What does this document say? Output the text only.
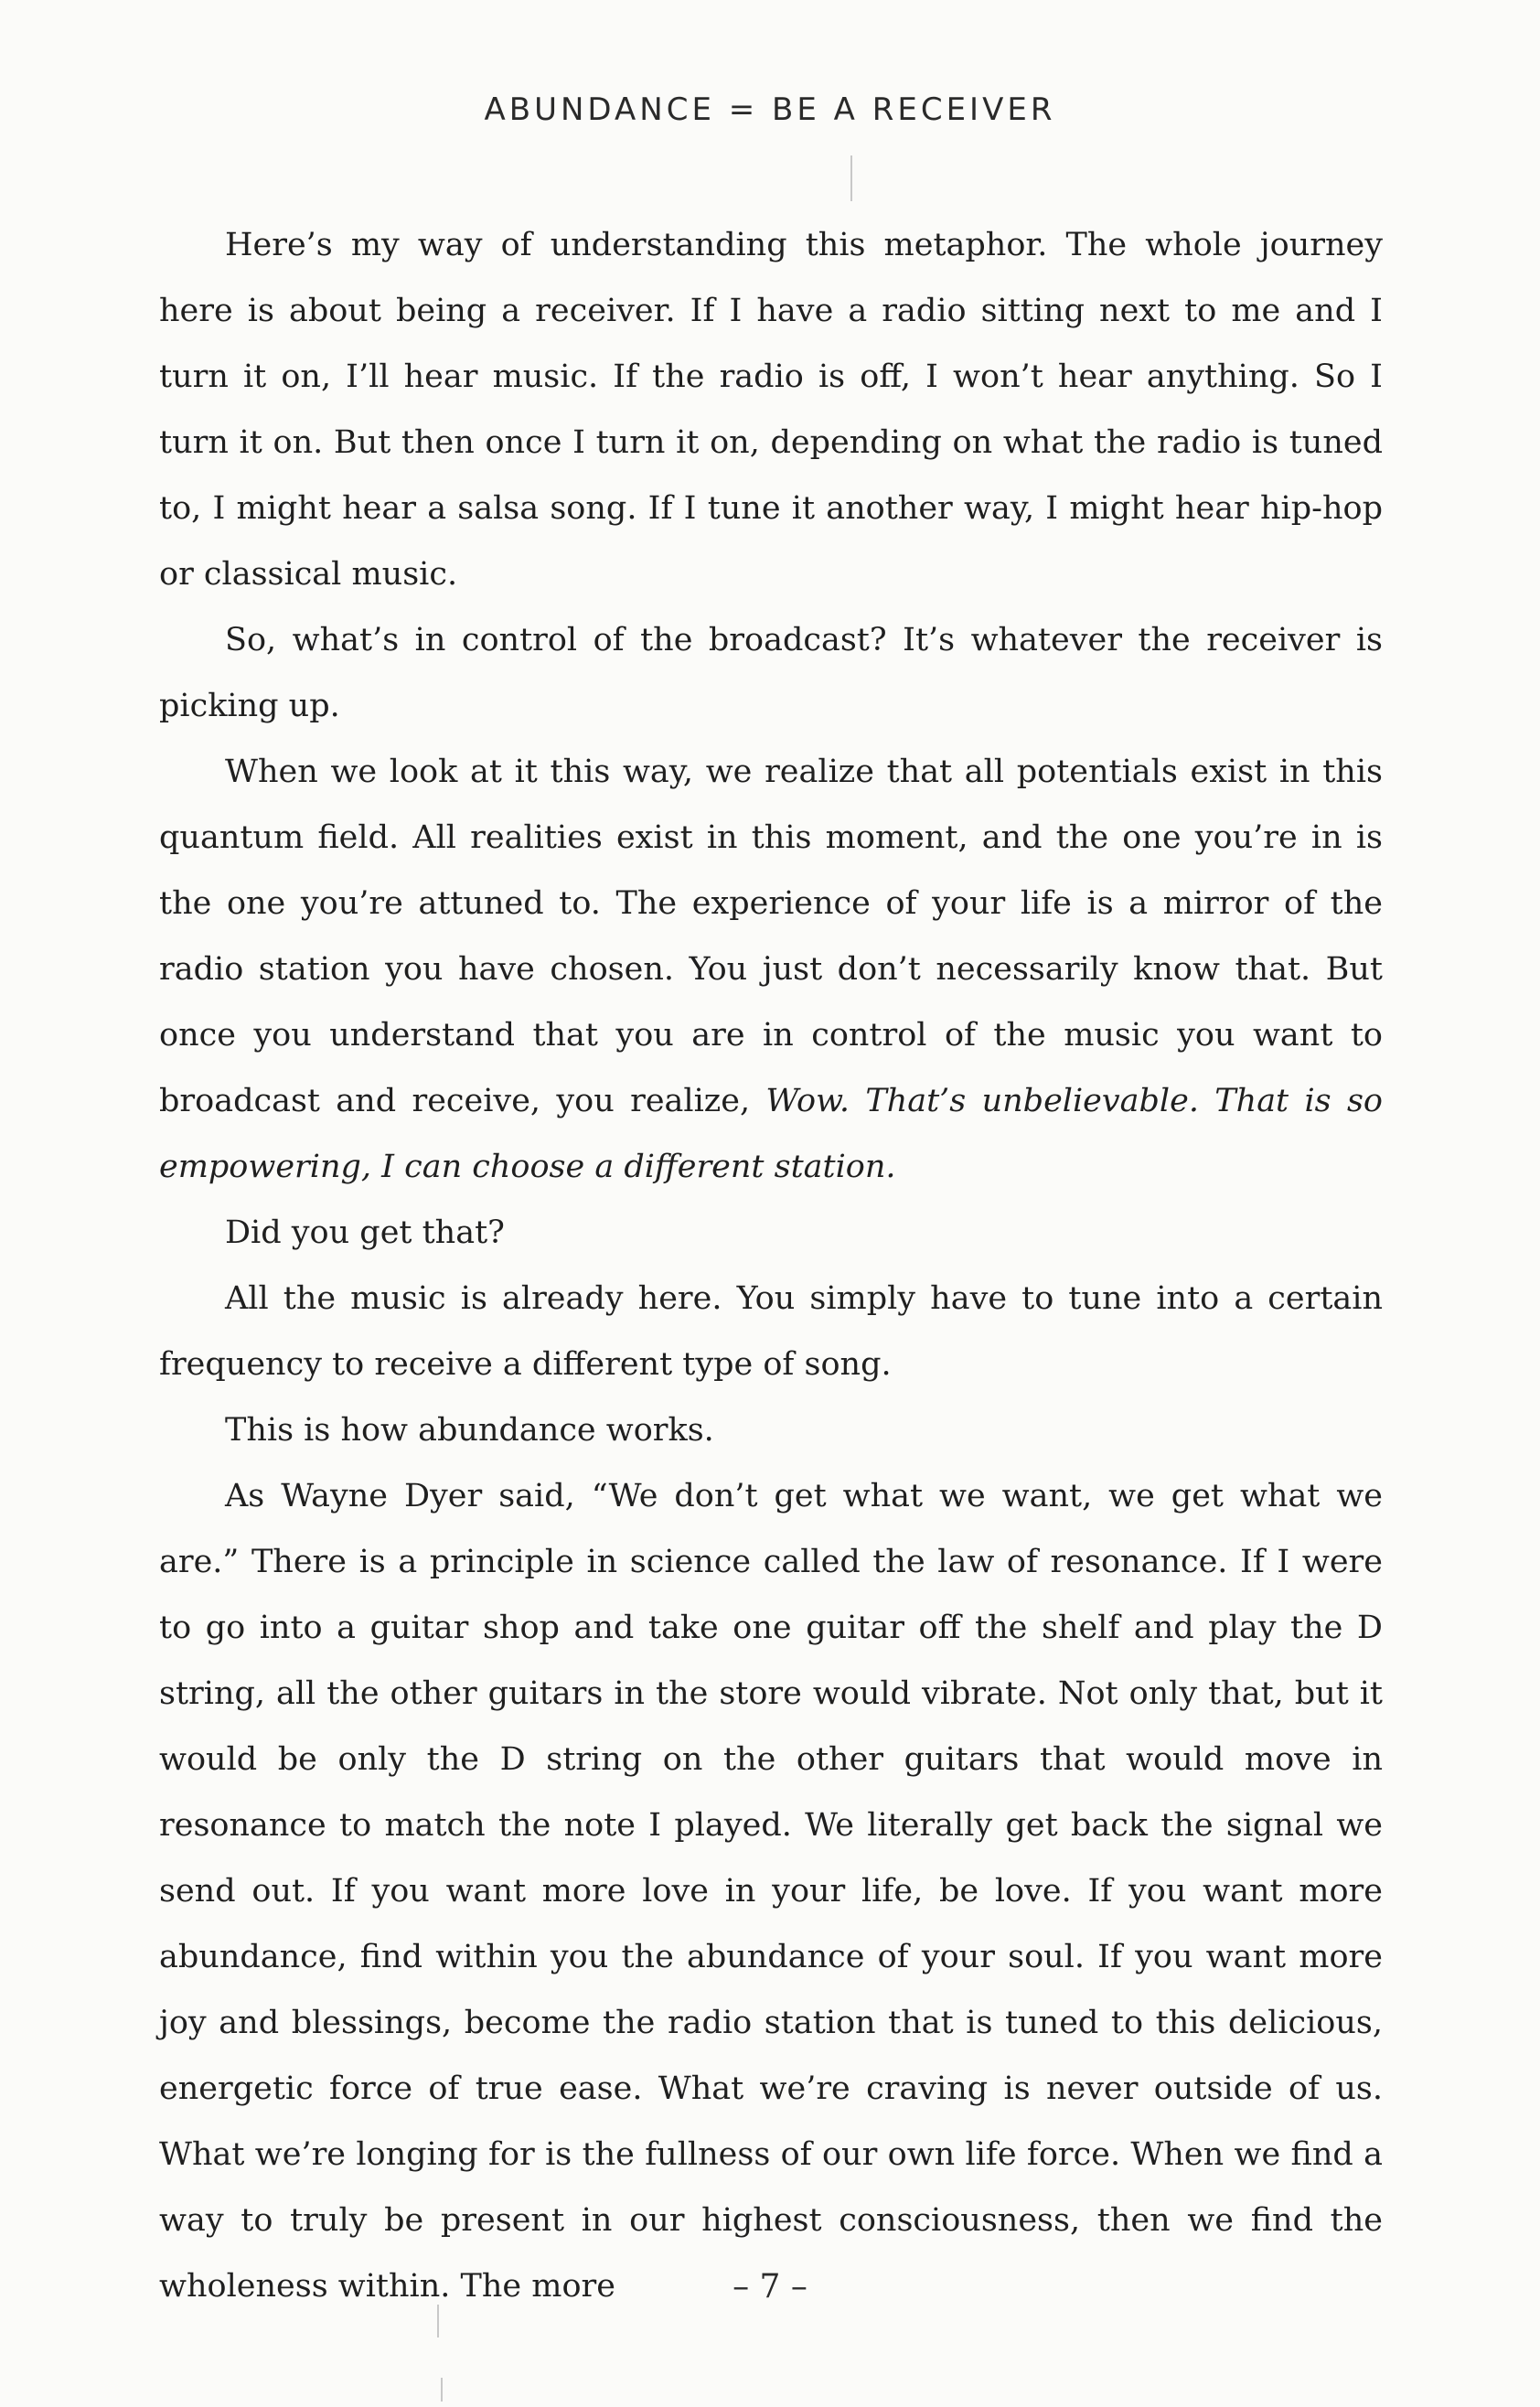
ABUNDANCE = BE A RECEIVER

Here’s my way of understanding this metaphor. The whole journey here is about being a receiver. If I have a radio sitting next to me and I turn it on, I’ll hear music. If the radio is off, I won’t hear anything. So I turn it on. But then once I turn it on, depending on what the radio is tuned to, I might hear a salsa song. If I tune it another way, I might hear hip-hop or classical music.

So, what’s in control of the broadcast? It’s whatever the receiver is picking up.

When we look at it this way, we realize that all potentials exist in this quantum field. All realities exist in this moment, and the one you’re in is the one you’re attuned to. The experience of your life is a mirror of the radio station you have chosen. You just don’t necessarily know that. But once you understand that you are in control of the music you want to broadcast and receive, you realize, Wow. That’s unbelievable. That is so empowering, I can choose a different station.

Did you get that?

All the music is already here. You simply have to tune into a certain frequency to receive a different type of song.

This is how abundance works.

As Wayne Dyer said, “We don’t get what we want, we get what we are.” There is a principle in science called the law of resonance. If I were to go into a guitar shop and take one guitar off the shelf and play the D string, all the other guitars in the store would vibrate. Not only that, but it would be only the D string on the other guitars that would move in resonance to match the note I played. We literally get back the signal we send out. If you want more love in your life, be love. If you want more abundance, find within you the abundance of your soul. If you want more joy and blessings, become the radio station that is tuned to this delicious, energetic force of true ease. What we’re craving is never outside of us. What we’re longing for is the fullness of our own life force. When we find a way to truly be present in our highest consciousness, then we find the wholeness within. The more	– 7 –
